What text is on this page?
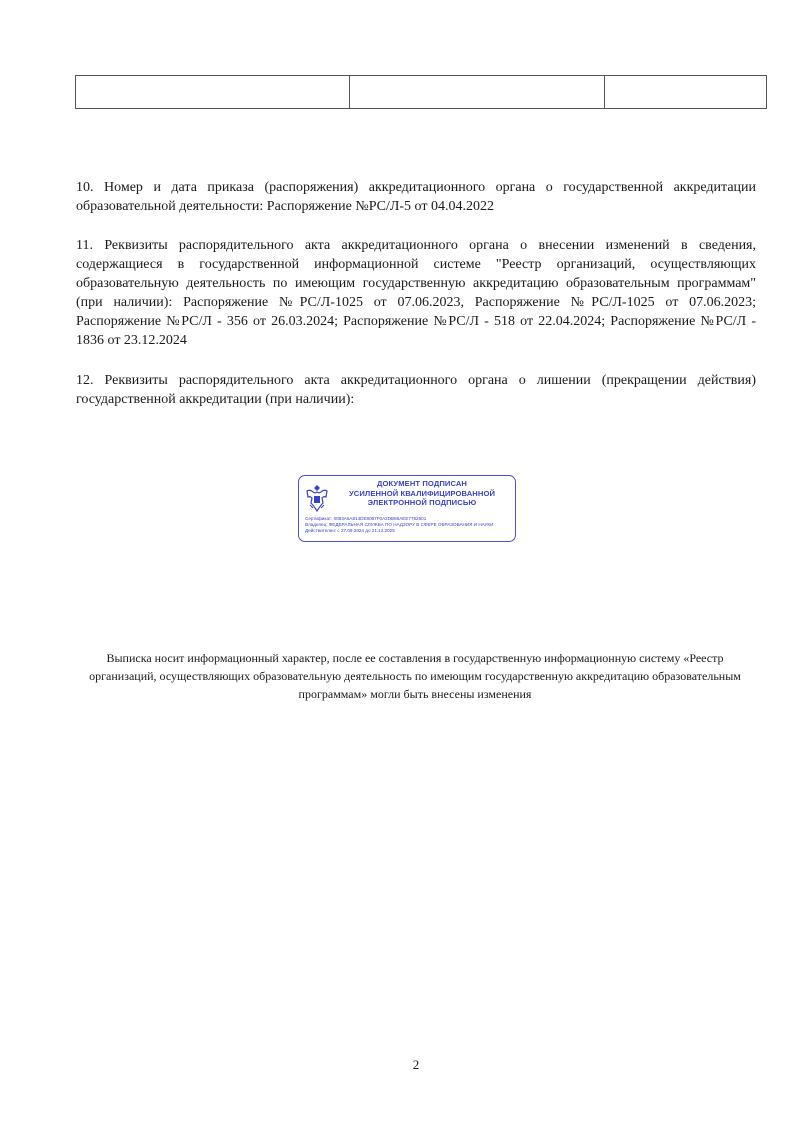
10. Номер и дата приказа (распоряжения) аккредитационного органа о государственной аккредитации образовательной деятельности: Распоряжение №РС/Л-5 от 04.04.2022
11. Реквизиты распорядительного акта аккредитационного органа о внесении изменений в сведения, содержащиеся в государственной информационной системе "Реестр организаций, осуществляющих образовательную деятельность по имеющим государственную аккредитацию образовательным программам" (при наличии): Распоряжение №РС/Л-1025 от 07.06.2023, Распоряжение №РС/Л-1025 от 07.06.2023; Распоряжение №РС/Л - 356 от 26.03.2024; Распоряжение №РС/Л - 518 от 22.04.2024; Распоряжение №РС/Л - 1836 от 23.12.2024
12. Реквизиты распорядительного акта аккредитационного органа о лишении (прекращении действия) государственной аккредитации (при наличии):
ДОКУМЕНТ ПОДПИСАН
УСИЛЕННОЙ КВАЛИФИЦИРОВАННОЙ
ЭЛЕКТРОННОЙ ПОДПИСЬЮ
Сертификат: 0083A6A814DE8067F0A2DB66AEE7762601
Владелец: ФЕДЕРАЛЬНАЯ СЛУЖБА ПО НАДЗОРУ В СФЕРЕ ОБРАЗОВАНИЯ И НАУКИ
Действителен: с 27.09.2024 до 21.12.2025
Выписка носит информационный характер, после ее составления в государственную информационную систему «Реестр организаций, осуществляющих образовательную деятельность по имеющим государственную аккредитацию образовательным программам» могли быть внесены изменения
2
